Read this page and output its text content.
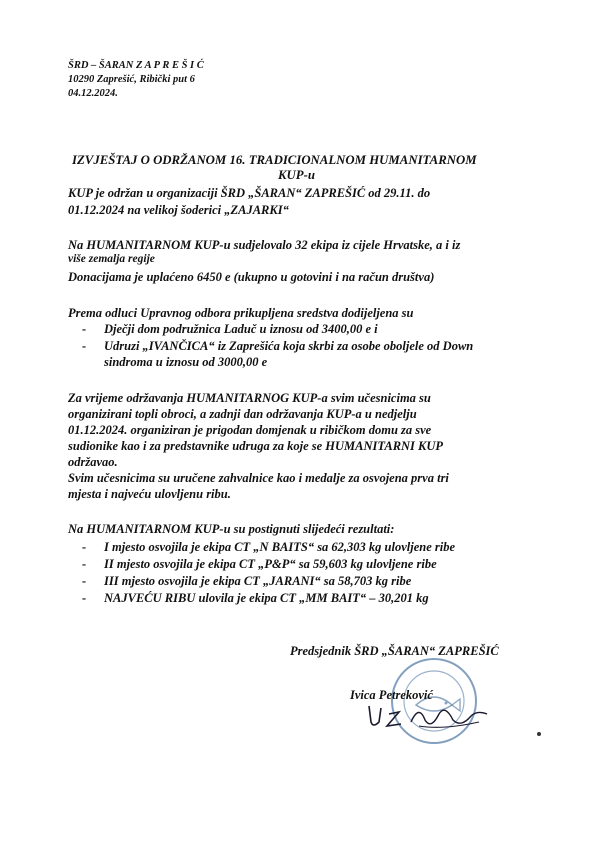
ŠRD – ŠARAN Z A P R E Š I Ć
10290 Zaprešić, Ribički put 6
04.12.2024.
IZVJEŠTAJ O ODRŽANOM 16. TRADICIONALNOM HUMANITARNOM
KUP-u
KUP je održan u organizaciji ŠRD „ŠARAN“ ZAPREŠIĆ od 29.11. do
01.12.2024 na velikoj šoderici „ZAJARKI“
Na HUMANITARNOM KUP-u sudjelovalo 32 ekipa iz cijele Hrvatske, a i iz
više zemalja regije
Donacijama je uplaćeno 6450 e (ukupno u gotovini i na račun društva)
Prema odluci Upravnog odbora prikupljena sredstva dodijeljena su
- Dječji dom podružnica Laduč u iznosu od 3400,00 e i
- Udruzi „IVANČICA“ iz Zaprešića koja skrbi za osobe oboljele od Down
sindroma u iznosu od 3000,00 e
Za vrijeme održavanja HUMANITARNOG KUP-a svim učesnicima su
organizirani topli obroci, a zadnji dan održavanja KUP-a u nedjelju
01.12.2024. organiziran je prigodan domjenak u ribičkom domu za sve
sudionike kao i za predstavnike udruga za koje se HUMANITARNI KUP
održavao.
Svim učesnicima su uručene zahvalnice kao i medalje za osvojena prva tri
mjesta i najveću ulovljenu ribu.
Na HUMANITARNOM KUP-u su postignuti slijedeći rezultati:
- I mjesto osvojila je ekipa CT „N BAITS“ sa 62,303 kg ulovljene ribe
- II mjesto osvojila je ekipa CT „P&P“ sa 59,603 kg ulovljene ribe
- III mjesto osvojila je ekipa CT „JARANI“ sa 58,703 kg ribe
- NAJVEĆU RIBU ulovila je ekipa CT „MM BAIT“ – 30,201 kg
Predsjednik ŠRD „ŠARAN“ ZAPREŠIĆ
Ivica Petreković
